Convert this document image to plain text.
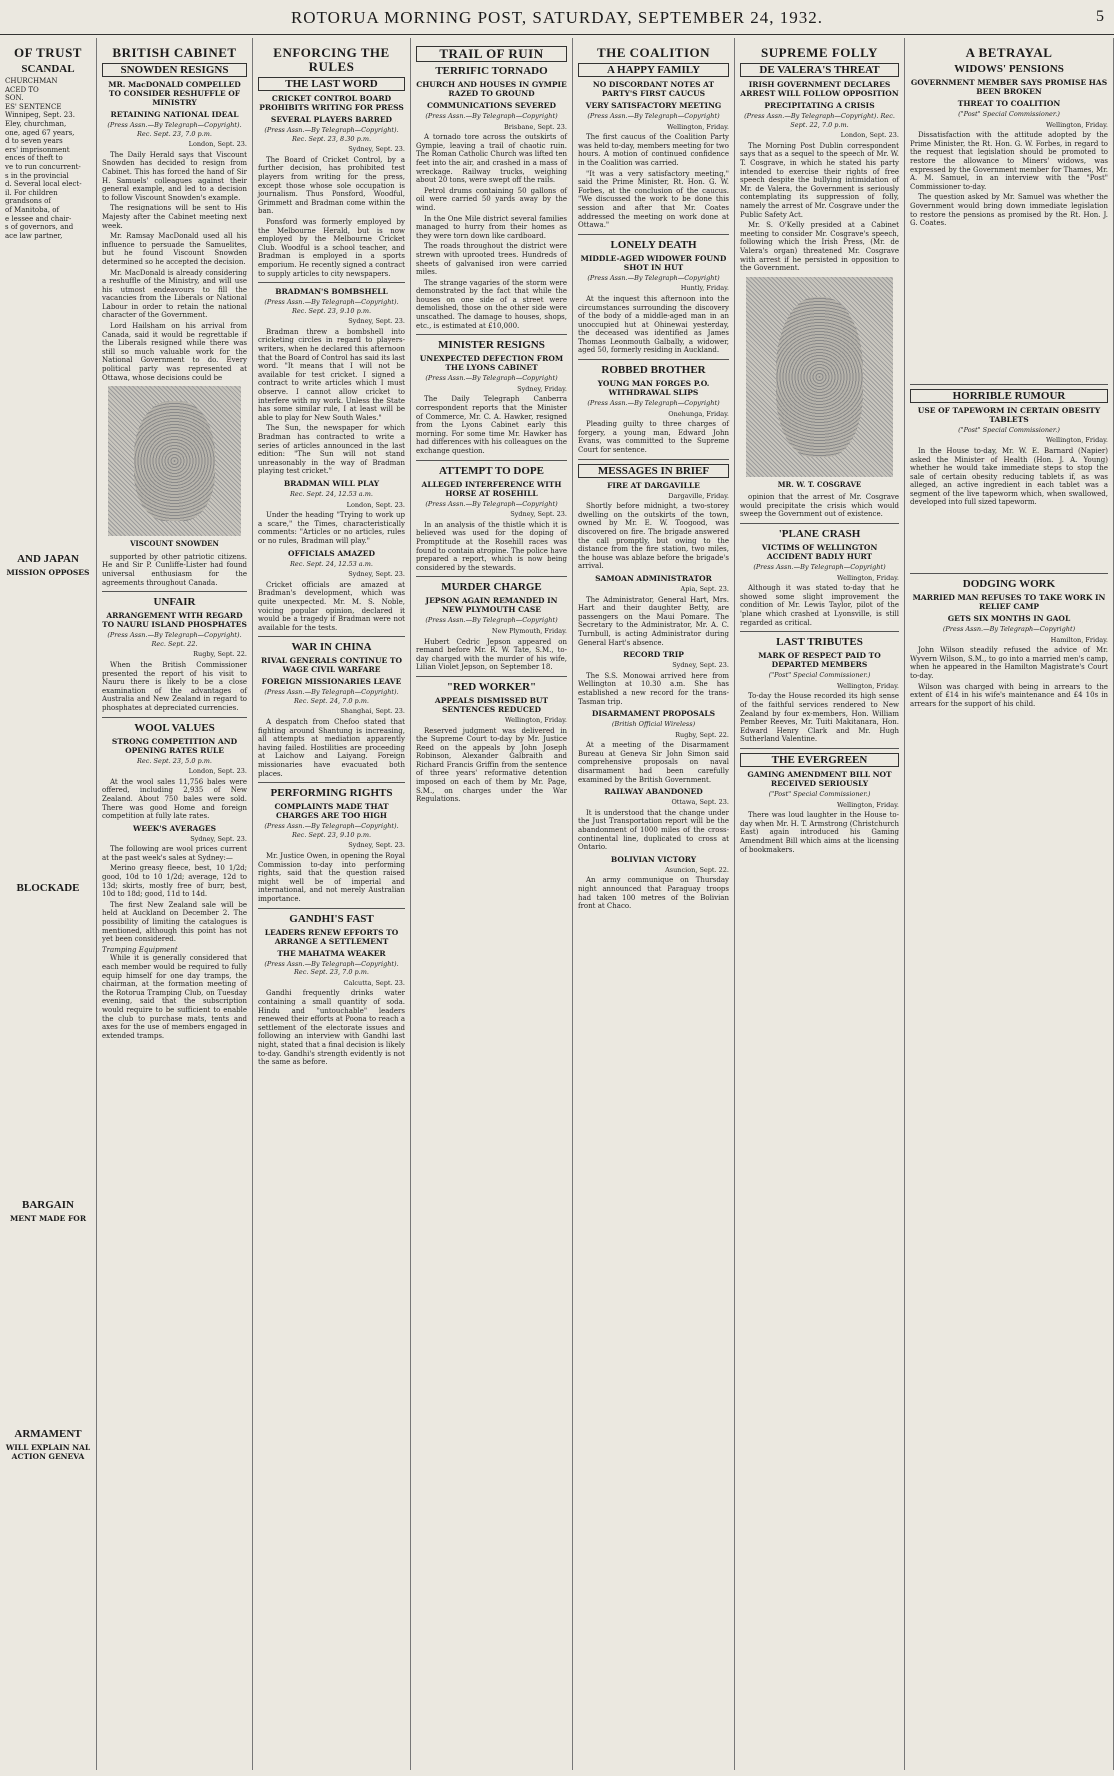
ROTORUA MORNING POST, SATURDAY, SEPTEMBER 24, 1932.	5
OF TRUST
SCANDAL
CHURCHMAN
ACED TO
SON.
ES' SENTENCE
Winnipeg, Sept. 23.
Eley, churchman,
one, aged 67 years,
d to seven years
ers' imprisonment
ences of theft to
ve to run concurrent-
s in the provincial
d. Several local elect-
il. For children
grandsons of
of Manitoba, of
e lessee and chair-
s of governors, and
ace law partner,
AND JAPAN
MISSION OPPOSES
BLOCKADE
BARGAIN
MENT MADE FOR
ARMAMENT
WILL EXPLAIN NAL ACTION GENEVA
BRITISH CABINET
SNOWDEN RESIGNS
MR. MacDONALD COMPELLED TO CONSIDER RESHUFFLE OF MINISTRY
RETAINING NATIONAL IDEAL
(Press Assn.—By Telegraph—Copyright). Rec. Sept. 23, 7.0 p.m.
London, Sept. 23.

The Daily Herald says that Viscount Snowden has decided to resign from Cabinet. This has forced the hand of Sir H. Samuels' colleagues against their general example, and led to a decision to follow Viscount Snowden's example.

The resignations will be sent to His Majesty after the Cabinet meeting next week.

Mr. Ramsay MacDonald used all his influence to persuade the Samuelites, but he found Viscount Snowden determined so he accepted the decision.

Mr. MacDonald is already considering a reshuffle of the Ministry, and will use his utmost endeavours to fill the vacancies from the Liberals or National Labour in order to retain the national character of the Government.

Lord Hailsham on his arrival from Canada, said it would be regrettable if the Liberals resigned while there was still so much valuable work for the National Government to do. Every political party was represented at Ottawa, whose decisions could be

VISCOUNT SNOWDEN

supported by other patriotic citizens. He and Sir P. Cunliffe-Lister had found universal enthusiasm for the agreements throughout Canada.

UNFAIR
ARRANGEMENT WITH REGARD TO NAURU ISLAND PHOSPHATES
(Press Assn.—By Telegraph—Copyright). Rec. Sept. 22.
Rugby, Sept. 22.

When the British Commissioner presented the report of his visit to Nauru there is likely to be a close examination of the advantages of Australia and New Zealand in regard to phosphates at depreciated currencies.

WOOL VALUES
STRONG COMPETITION AND OPENING RATES RULE
Rec. Sept. 23, 5.0 p.m.
London, Sept. 23.

At the wool sales 11,756 bales were offered, including 2,935 of New Zealand. About 750 bales were sold. There was good Home and foreign competition at fully late rates.

WEEK'S AVERAGES
Sydney, Sept. 23.

The following are wool prices current at the past week's sales at Sydney:—

Merino greasy fleece, best, 10 1/2d; good, 10d to 10 1/2d; average, 12d to 13d; skirts, mostly free of burr, best, 10d to 18d; good, 11d to 14d.

The first New Zealand sale will be held at Auckland on December 2. The possibility of limiting the catalogues is mentioned, although this point has not yet been considered.

Tramping Equipment

While it is generally considered that each member would be required to fully equip himself for one day tramps, the chairman, at the formation meeting of the Rotorua Tramping Club, on Tuesday evening, said that the subscription would require to be sufficient to enable the club to purchase mats, tents and axes for the use of members engaged in extended tramps.

ENFORCING THE RULES
THE LAST WORD
CRICKET CONTROL BOARD PROHIBITS WRITING FOR PRESS
SEVERAL PLAYERS BARRED
(Press Assn.—By Telegraph—Copyright). Rec. Sept. 23, 8.30 p.m.
Sydney, Sept. 23.

The Board of Cricket Control, by a further decision, has prohibited test players from writing for the press, except those whose sole occupation is journalism. Thus Ponsford, Woodful, Grimmett and Bradman come within the ban.

Ponsford was formerly employed by the Melbourne Herald, but is now employed by the Melbourne Cricket Club. Woodful is a school teacher, and Bradman is employed in a sports emporium. He recently signed a contract to supply articles to city newspapers.

BRADMAN'S BOMBSHELL
(Press Assn.—By Telegraph—Copyright). Rec. Sept. 23, 9.10 p.m.
Sydney, Sept. 23.

Bradman threw a bombshell into cricketing circles in regard to players-writers, when he declared this afternoon that the Board of Control has said its last word. "It means that I will not be available for test cricket. I signed a contract to write articles which I must observe. I cannot allow cricket to interfere with my work. Unless the State has some similar rule, I at least will be able to play for New South Wales."

The Sun, the newspaper for which Bradman has contracted to write a series of articles announced in the last edition: "The Sun will not stand unreasonably in the way of Bradman playing test cricket."

BRADMAN WILL PLAY
Rec. Sept. 24, 12.53 a.m.
London, Sept. 23.

Under the heading "Trying to work up a scare," the Times, characteristically comments: "Articles or no articles, rules or no rules, Bradman will play."

OFFICIALS AMAZED
Rec. Sept. 24, 12.53 a.m.
Sydney, Sept. 23.

Cricket officials are amazed at Bradman's development, which was quite unexpected. Mr. M. S. Noble, voicing popular opinion, declared it would be a tragedy if Bradman were not available for the tests.

WAR IN CHINA
RIVAL GENERALS CONTINUE TO WAGE CIVIL WARFARE
FOREIGN MISSIONARIES LEAVE
(Press Assn.—By Telegraph—Copyright). Rec. Sept. 24, 7.0 p.m.
Shanghai, Sept. 23.

A despatch from Chefoo stated that fighting around Shantung is increasing, all attempts at mediation apparently having failed. Hostilities are proceeding at Laichow and Laiyang. Foreign missionaries have evacuated both places.

PERFORMING RIGHTS
COMPLAINTS MADE THAT CHARGES ARE TOO HIGH
(Press Assn.—By Telegraph—Copyright). Rec. Sept. 23, 9.10 p.m.
Sydney, Sept. 23.

Mr. Justice Owen, in opening the Royal Commission to-day into performing rights, said that the question raised might well be of imperial and international, and not merely Australian importance.

GANDHI'S FAST
LEADERS RENEW EFFORTS TO ARRANGE A SETTLEMENT
THE MAHATMA WEAKER
(Press Assn.—By Telegraph—Copyright). Rec. Sept. 23, 7.0 p.m.
Calcutta, Sept. 23.

Gandhi frequently drinks water containing a small quantity of soda. Hindu and "untouchable" leaders renewed their efforts at Poona to reach a settlement of the electorate issues and following an interview with Gandhi last night, stated that a final decision is likely to-day. Gandhi's strength evidently is not the same as before.

TRAIL OF RUIN
TERRIFIC TORNADO
CHURCH AND HOUSES IN GYMPIE RAZED TO GROUND
COMMUNICATIONS SEVERED
(Press Assn.—By Telegraph—Copyright)
Brisbane, Sept. 23.

A tornado tore across the outskirts of Gympie, leaving a trail of chaotic ruin. The Roman Catholic Church was lifted ten feet into the air, and crashed in a mass of wreckage. Railway trucks, weighing about 20 tons, were swept off the rails.

Petrol drums containing 50 gallons of oil were carried 50 yards away by the wind.

In the One Mile district several families managed to hurry from their homes as they were torn down like cardboard.

The roads throughout the district were strewn with uprooted trees. Hundreds of sheets of galvanised iron were carried miles.

The strange vagaries of the storm were demonstrated by the fact that while the houses on one side of a street were demolished, those on the other side were unscathed. The damage to houses, shops, etc., is estimated at £10,000.

MINISTER RESIGNS
UNEXPECTED DEFECTION FROM THE LYONS CABINET
(Press Assn.—By Telegraph—Copyright)
Sydney, Friday.

The Daily Telegraph Canberra correspondent reports that the Minister of Commerce, Mr. C. A. Hawker, resigned from the Lyons Cabinet early this morning. For some time Mr. Hawker has had differences with his colleagues on the exchange question.

ATTEMPT TO DOPE
ALLEGED INTERFERENCE WITH HORSE AT ROSEHILL
(Press Assn.—By Telegraph—Copyright)
Sydney, Sept. 23.

In an analysis of the thistle which it is believed was used for the doping of Promptitude at the Rosehill races was found to contain atropine. The police have prepared a report, which is now being considered by the stewards.

MURDER CHARGE
JEPSON AGAIN REMANDED IN NEW PLYMOUTH CASE
(Press Assn.—By Telegraph—Copyright)
New Plymouth, Friday.

Hubert Cedric Jepson appeared on remand before Mr. R. W. Tate, S.M., to-day charged with the murder of his wife, Lilian Violet Jepson, on September 18.

"RED WORKER"
APPEALS DISMISSED BUT SENTENCES REDUCED
Wellington, Friday.

Reserved judgment was delivered in the Supreme Court to-day by Mr. Justice Reed on the appeals by John Joseph Robinson, Alexander Galbraith and Richard Francis Griffin from the sentence of three years' reformative detention imposed on each of them by Mr. Page, S.M., on charges under the War Regulations.

THE COALITION
A HAPPY FAMILY
NO DISCORDANT NOTES AT PARTY'S FIRST CAUCUS
VERY SATISFACTORY MEETING
(Press Assn.—By Telegraph—Copyright)
Wellington, Friday.

The first caucus of the Coalition Party was held to-day, members meeting for two hours. A motion of continued confidence in the Coalition was carried.

"It was a very satisfactory meeting," said the Prime Minister, Rt. Hon. G. W. Forbes, at the conclusion of the caucus. "We discussed the work to be done this session and after that Mr. Coates addressed the meeting on work done at Ottawa."

LONELY DEATH
MIDDLE-AGED WIDOWER FOUND SHOT IN HUT
(Press Assn.—By Telegraph—Copyright)
Huntly, Friday.

At the inquest this afternoon into the circumstances surrounding the discovery of the body of a middle-aged man in an unoccupied hut at Ohinewai yesterday, the deceased was identified as James Thomas Leonmouth Galbally, a widower, aged 50, formerly residing in Auckland.

ROBBED BROTHER
YOUNG MAN FORGES P.O. WITHDRAWAL SLIPS
(Press Assn.—By Telegraph—Copyright)
Onehunga, Friday.

Pleading guilty to three charges of forgery, a young man, Edward John Evans, was committed to the Supreme Court for sentence.

MESSAGES IN BRIEF
FIRE AT DARGAVILLE
Dargaville, Friday.

Shortly before midnight, a two-storey dwelling on the outskirts of the town, owned by Mr. E. W. Toogood, was discovered on fire. The brigade answered the call promptly, but owing to the distance from the fire station, two miles, the house was ablaze before the brigade's arrival.

SAMOAN ADMINISTRATOR
Apia, Sept. 23.

The Administrator, General Hart, Mrs. Hart and their daughter Betty, are passengers on the Maui Pomare. The Secretary to the Administrator, Mr. A. C. Turnbull, is acting Administrator during General Hart's absence.

RECORD TRIP
Sydney, Sept. 23.

The S.S. Monowai arrived here from Wellington at 10.30 a.m. She has established a new record for the trans-Tasman trip.

DISARMAMENT PROPOSALS
(British Official Wireless)
Rugby, Sept. 22.

At a meeting of the Disarmament Bureau at Geneva Sir John Simon said comprehensive proposals on naval disarmament had been carefully examined by the British Government.

RAILWAY ABANDONED
Ottawa, Sept. 23.

It is understood that the change under the Just Transportation report will be the abandonment of 1000 miles of the cross-continental line, duplicated to cross at Ontario.

BOLIVIAN VICTORY
Asuncion, Sept. 22.

An army communique on Thursday night announced that Paraguay troops had taken 100 metres of the Bolivian front at Chaco.

SUPREME FOLLY
DE VALERA'S THREAT
IRISH GOVERNMENT DECLARES ARREST WILL FOLLOW OPPOSITION
PRECIPITATING A CRISIS
(Press Assn.—By Telegraph—Copyright). Rec. Sept. 22, 7.0 p.m.
London, Sept. 23.

The Morning Post Dublin correspondent says that as a sequel to the speech of Mr. W. T. Cosgrave, in which he stated his party intended to exercise their rights of free speech despite the bullying intimidation of Mr. de Valera, the Government is seriously contemplating its suppression of folly, namely the arrest of Mr. Cosgrave under the Public Safety Act.

Mr. S. O'Kelly presided at a Cabinet meeting to consider Mr. Cosgrave's speech, following which the Irish Press, (Mr. de Valera's organ) threatened Mr. Cosgrave with arrest if he persisted in opposition to the Government.

MR. W. T. COSGRAVE

opinion that the arrest of Mr. Cosgrave would precipitate the crisis which would sweep the Government out of existence.

'PLANE CRASH
VICTIMS OF WELLINGTON ACCIDENT BADLY HURT
(Press Assn.—By Telegraph—Copyright)
Wellington, Friday.

Although it was stated to-day that he showed some slight improvement the condition of Mr. Lewis Taylor, pilot of the 'plane which crashed at Lyonsville, is still regarded as critical.

LAST TRIBUTES
MARK OF RESPECT PAID TO DEPARTED MEMBERS
("Post" Special Commissioner.)
Wellington, Friday.

To-day the House recorded its high sense of the faithful services rendered to New Zealand by four ex-members, Hon. William Pember Reeves, Mr. Tuiti Makitanara, Hon. Edward Henry Clark and Mr. Hugh Sutherland Valentine.

THE EVERGREEN
GAMING AMENDMENT BILL NOT RECEIVED SERIOUSLY
("Post" Special Commissioner.)
Wellington, Friday.

There was loud laughter in the House to-day when Mr. H. T. Armstrong (Christchurch East) again introduced his Gaming Amendment Bill which aims at the licensing of bookmakers.

A BETRAYAL
WIDOWS' PENSIONS
GOVERNMENT MEMBER SAYS PROMISE HAS BEEN BROKEN
THREAT TO COALITION
("Post" Special Commissioner.)
Wellington, Friday.

Dissatisfaction with the attitude adopted by the Prime Minister, the Rt. Hon. G. W. Forbes, in regard to the request that legislation should be promoted to restore the allowance to Miners' widows, was expressed by the Government member for Thames, Mr. A. M. Samuel, in an interview with the "Post" Commissioner to-day.

The question asked by Mr. Samuel was whether the Government would bring down immediate legislation to restore the pensions as promised by the Rt. Hon. J. G. Coates.

HORRIBLE RUMOUR
USE OF TAPEWORM IN CERTAIN OBESITY TABLETS
("Post" Special Commissioner.)
Wellington, Friday.

In the House to-day, Mr. W. E. Barnard (Napier) asked the Minister of Health (Hon. J. A. Young) whether he would take immediate steps to stop the sale of certain obesity reducing tablets if, as was alleged, an active ingredient in each tablet was a segment of the live tapeworm which, when swallowed, developed into full sized tapeworm.

DODGING WORK
MARRIED MAN REFUSES TO TAKE WORK IN RELIEF CAMP
GETS SIX MONTHS IN GAOL
(Press Assn.—By Telegraph—Copyright)
Hamilton, Friday.

John Wilson steadily refused the advice of Mr. Wyvern Wilson, S.M., to go into a married men's camp, when he appeared in the Hamilton Magistrate's Court to-day.

Wilson was charged with being in arrears to the extent of £14 in his wife's maintenance and £4 10s in arrears for the support of his child.
